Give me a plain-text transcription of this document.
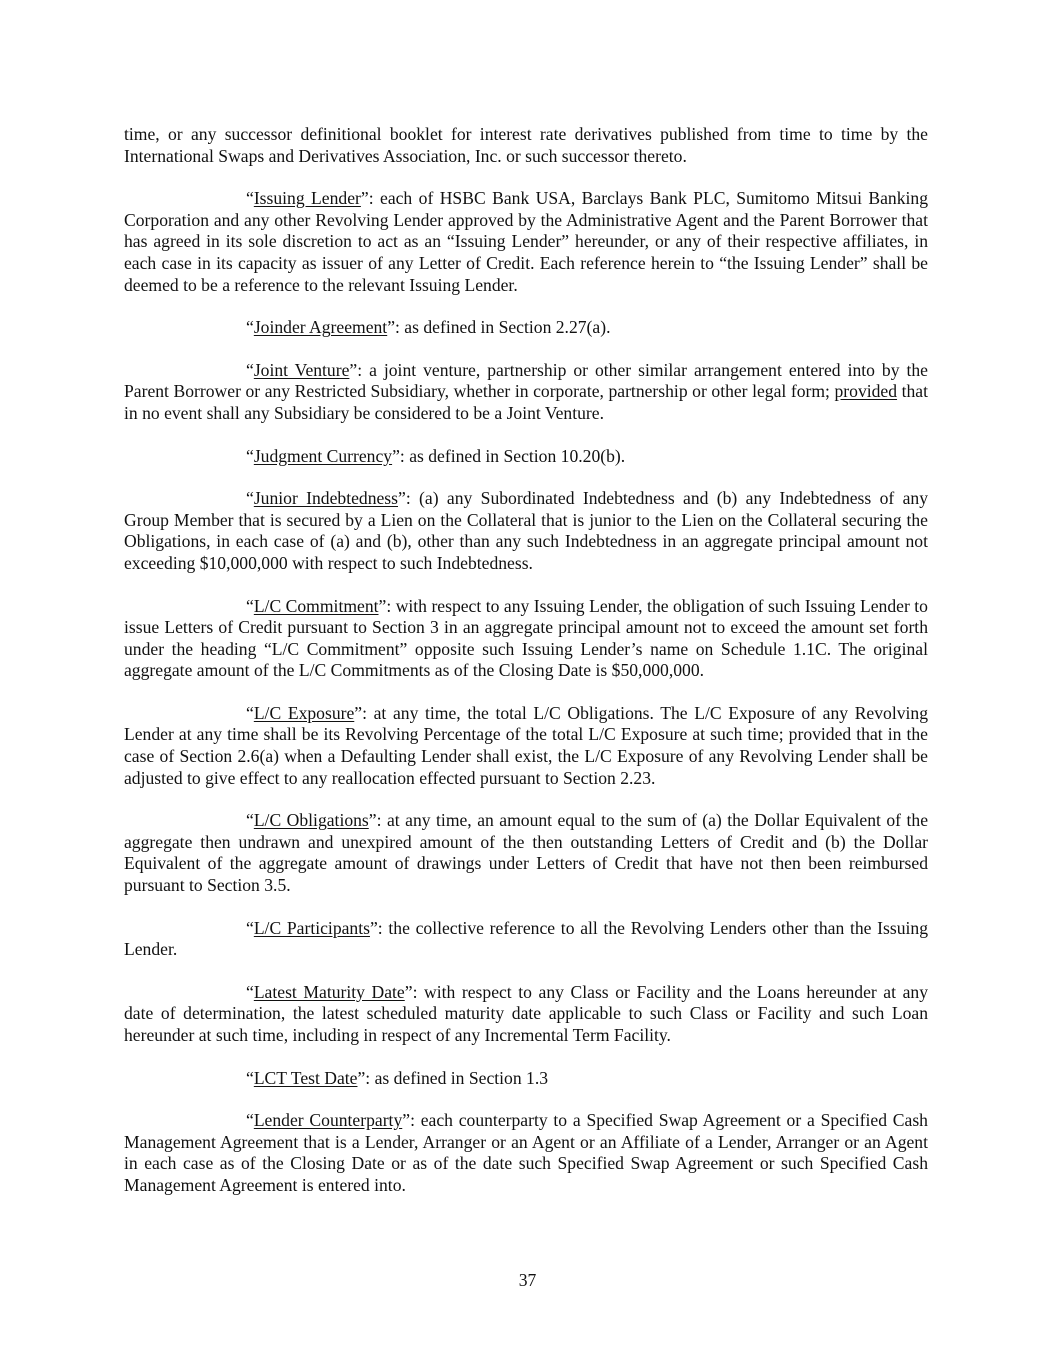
time, or any successor definitional booklet for interest rate derivatives published from time to time by the International Swaps and Derivatives Association, Inc. or such successor thereto.

“Issuing Lender”: each of HSBC Bank USA, Barclays Bank PLC, Sumitomo Mitsui Banking Corporation and any other Revolving Lender approved by the Administrative Agent and the Parent Borrower that has agreed in its sole discretion to act as an “Issuing Lender” hereunder, or any of their respective affiliates, in each case in its capacity as issuer of any Letter of Credit. Each reference herein to “the Issuing Lender” shall be deemed to be a reference to the relevant Issuing Lender.

“Joinder Agreement”: as defined in Section 2.27(a).

“Joint Venture”: a joint venture, partnership or other similar arrangement entered into by the Parent Borrower or any Restricted Subsidiary, whether in corporate, partnership or other legal form; provided that in no event shall any Subsidiary be considered to be a Joint Venture.

“Judgment Currency”: as defined in Section 10.20(b).

“Junior Indebtedness”: (a) any Subordinated Indebtedness and (b) any Indebtedness of any Group Member that is secured by a Lien on the Collateral that is junior to the Lien on the Collateral securing the Obligations, in each case of (a) and (b), other than any such Indebtedness in an aggregate principal amount not exceeding $10,000,000 with respect to such Indebtedness.

“L/C Commitment”: with respect to any Issuing Lender, the obligation of such Issuing Lender to issue Letters of Credit pursuant to Section 3 in an aggregate principal amount not to exceed the amount set forth under the heading “L/C Commitment” opposite such Issuing Lender’s name on Schedule 1.1C. The original aggregate amount of the L/C Commitments as of the Closing Date is $50,000,000.

“L/C Exposure”: at any time, the total L/C Obligations. The L/C Exposure of any Revolving Lender at any time shall be its Revolving Percentage of the total L/C Exposure at such time; provided that in the case of Section 2.6(a) when a Defaulting Lender shall exist, the L/C Exposure of any Revolving Lender shall be adjusted to give effect to any reallocation effected pursuant to Section 2.23.

“L/C Obligations”: at any time, an amount equal to the sum of (a) the Dollar Equivalent of the aggregate then undrawn and unexpired amount of the then outstanding Letters of Credit and (b) the Dollar Equivalent of the aggregate amount of drawings under Letters of Credit that have not then been reimbursed pursuant to Section 3.5.

“L/C Participants”: the collective reference to all the Revolving Lenders other than the Issuing Lender.

“Latest Maturity Date”: with respect to any Class or Facility and the Loans hereunder at any date of determination, the latest scheduled maturity date applicable to such Class or Facility and such Loan hereunder at such time, including in respect of any Incremental Term Facility.

“LCT Test Date”: as defined in Section 1.3

“Lender Counterparty”: each counterparty to a Specified Swap Agreement or a Specified Cash Management Agreement that is a Lender, Arranger or an Agent or an Affiliate of a Lender, Arranger or an Agent in each case as of the Closing Date or as of the date such Specified Swap Agreement or such Specified Cash Management Agreement is entered into.

37
